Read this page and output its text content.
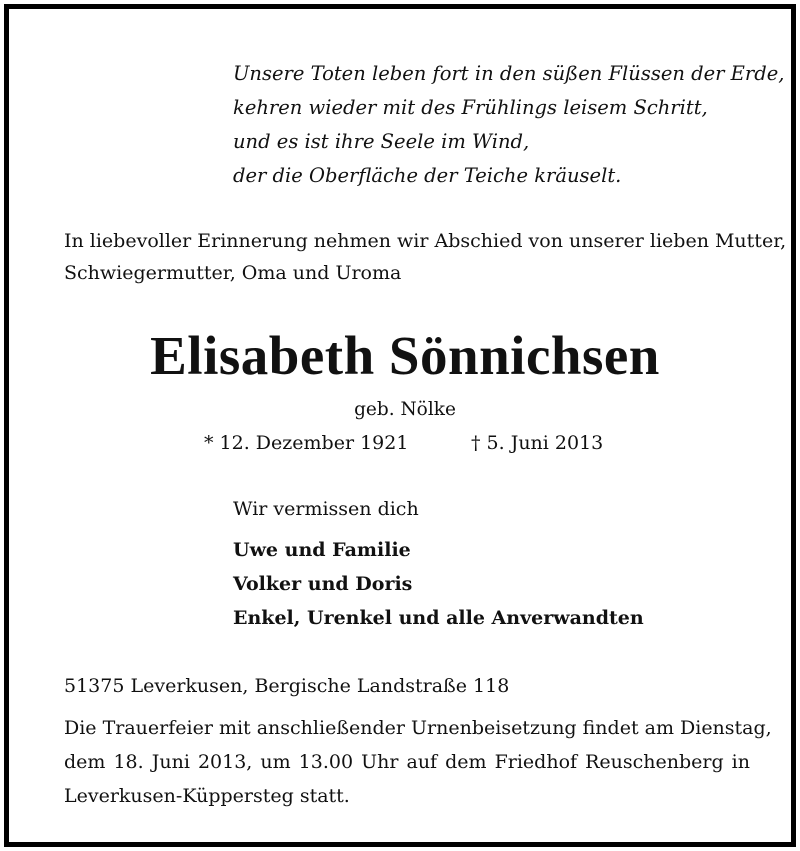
Unsere Toten leben fort in den süßen Flüssen der Erde,
kehren wieder mit des Frühlings leisem Schritt,
und es ist ihre Seele im Wind,
der die Oberfläche der Teiche kräuselt.
In liebevoller Erinnerung nehmen wir Abschied von unserer lieben Mutter,
Schwiegermutter, Oma und Uroma
Elisabeth Sönnichsen
geb. Nölke
* 12. Dezember 1921	† 5. Juni 2013
Wir vermissen dich
Uwe und Familie
Volker und Doris
Enkel, Urenkel und alle Anverwandten
51375 Leverkusen, Bergische Landstraße 118
Die Trauerfeier mit anschließender Urnenbeisetzung findet am Dienstag,
dem 18. Juni 2013, um 13.00 Uhr auf dem Friedhof Reuschenberg in
Leverkusen-Küppersteg statt.
